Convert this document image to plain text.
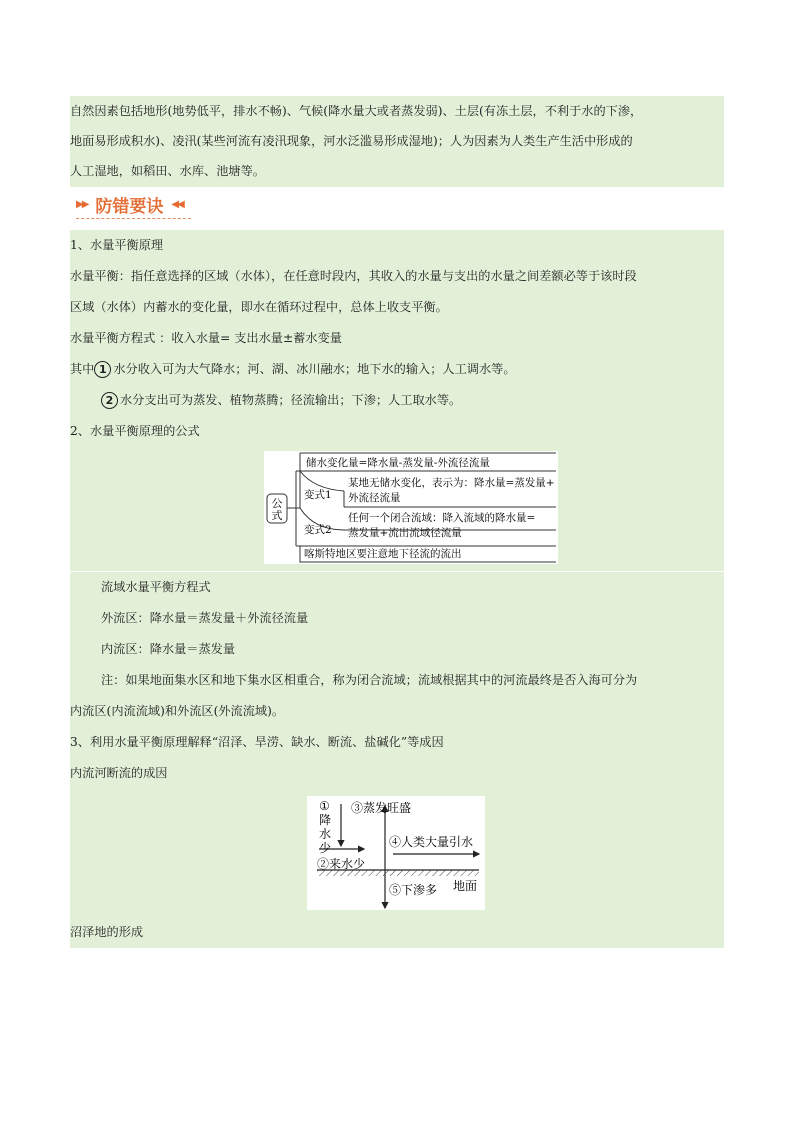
自然因素包括地形(地势低平，排水不畅)、气候(降水量大或者蒸发弱)、土层(有冻土层，不利于水的下渗，
地面易形成积水)、凌汛(某些河流有凌汛现象，河水泛滥易形成湿地)；人为因素为人类生产生活中形成的
人工湿地，如稻田、水库、池塘等。
▶▶ 防错要诀 ◀◀
1、水量平衡原理
水量平衡：指任意选择的区域（水体），在任意时段内，其收入的水量与支出的水量之间差额必等于该时段
区域（水体）内蓄水的变化量，即水在循环过程中，总体上收支平衡。
水量平衡方程式 ：收入水量= 支出水量±蓄水变量
其中 1 水分收入可为大气降水；河、湖、冰川融水；地下水的输入；人工调水等。
2 水分支出可为蒸发、植物蒸腾；径流输出；下渗；人工取水等。
2、水量平衡原理的公式
公
式
储水变化量=降水量-蒸发量-外流径流量
变式1
某地无储水变化，表示为：降水量=蒸发量+
外流径流量
变式2
任何一个闭合流域：降入流域的降水量=
蒸发量+流出流域径流量
喀斯特地区要注意地下径流的流出
流域水量平衡方程式
外流区：降水量＝蒸发量＋外流径流量
内流区：降水量＝蒸发量
注：如果地面集水区和地下集水区相重合，称为闭合流域；流域根据其中的河流最终是否入海可分为
内流区(内流流域)和外流区(外流流域)。
3、利用水量平衡原理解释“沼泽、旱涝、缺水、断流、盐碱化”等成因
内流河断流的成因
①
降
水
少
②来水少
③蒸发旺盛
④人类大量引水
⑤下渗多 地面
沼泽地的形成
